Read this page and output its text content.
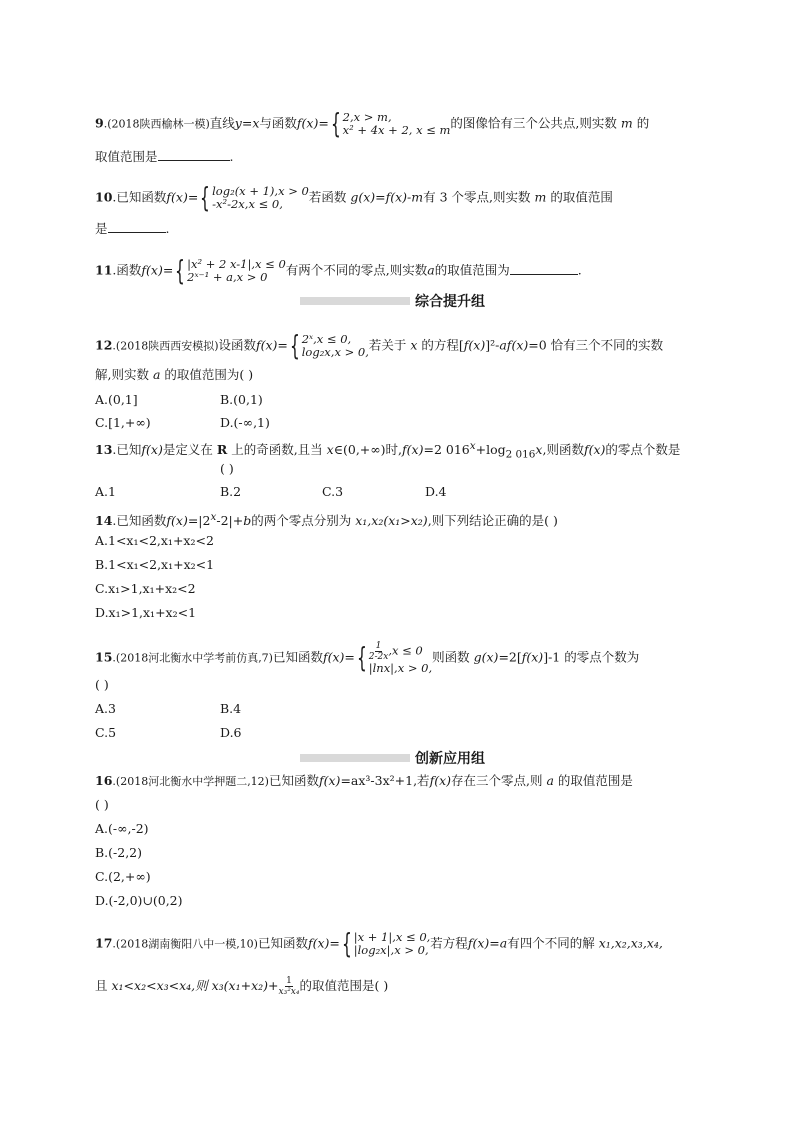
9.(2018陕西榆林一模)直线y=x与函数f(x)= { 2,x > m,
x² + 4x + 2, x ≤ m 的图像恰有三个公共点,则实数 m 的
取值范围是	.
10.已知函数f(x)= { log₂(x + 1),x > 0
-x²-2x,x ≤ 0,	若函数 g(x)=f(x)-m有 3 个零点,则实数 m 的取值范围
是	.
11.函数f(x)= { |x² + 2 x-1|,x ≤ 0
2ˣ⁻¹ + a,x > 0	有两个不同的零点,则实数a的取值范围为	.
综合提升组
12.(2018陕西西安模拟)设函数f(x)= { 2ˣ,x ≤ 0,
log₂x,x > 0, 若关于 x 的方程[f(x)]²-af(x)=0 恰有三个不同的实数
解,则实数 a 的取值范围为( )
A.(0,1]	B.(0,1)
C.[1,+∞)	D.(-∞,1)
13.已知f(x)是定义在 R 上的奇函数,且当 x∈(0,+∞)时,f(x)=2 $016^x+\log_{2 016}x$,则函数f(x)的零点个数是
( )
A.1	B.2	C.3	D.4
14.已知函数$f(x)=|2^x-2|+b$的两个零点分别为 x₁,x₂(x₁>x₂),则下列结论正确的是( )
A.1<x₁<2,x₁+x₂<2
B.1<x₁<2,x₁+x₂<1
C.x₁>1,x₁+x₂<2
D.x₁>1,x₁+x₂<1
15.(2018河北衡水中学考前仿真,7)已知函数f(x)= { $\frac{1}{2-2x} ,x \le 0$
|lnx|,x > 0,
则函数 g(x)=2[f(x)]-1 的零点个数为
( )
A.3	B.4
C.5	D.6
创新应用组
16.(2018河北衡水中学押题二,12)已知函数f(x)=ax³-3x²+1,若f(x)存在三个零点,则 a 的取值范围是
( )
A.(-∞,-2)
B.(-2,2)
C.(2,+∞)
D.(-2,0)∪(0,2)
17.(2018湖南衡阳八中一模,10)已知函数f(x)= { |x + 1|,x ≤ 0,
|log₂x|,x > 0, 若方程f(x)=a有四个不同的解 x₁,x₂,x₃,x₄,
且 x₁<x₂<x₃<x₄,则 $x_3(x_1+x_2)+ \frac{1}{\text{x₃²x₄}}$ 的取值范围是( )
